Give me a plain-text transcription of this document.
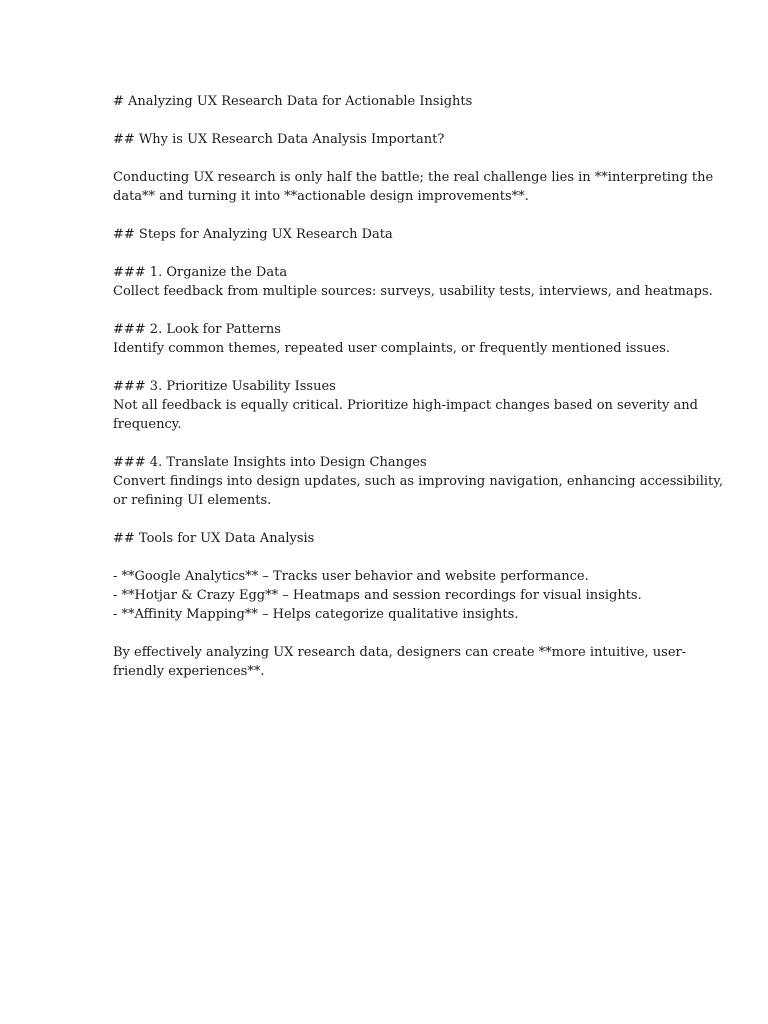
# Analyzing UX Research Data for Actionable Insights
## Why is UX Research Data Analysis Important?
Conducting UX research is only half the battle; the real challenge lies in **interpreting the
data** and turning it into **actionable design improvements**.
## Steps for Analyzing UX Research Data
### 1. Organize the Data
Collect feedback from multiple sources: surveys, usability tests, interviews, and heatmaps.
### 2. Look for Patterns
Identify common themes, repeated user complaints, or frequently mentioned issues.
### 3. Prioritize Usability Issues
Not all feedback is equally critical. Prioritize high-impact changes based on severity and
frequency.
### 4. Translate Insights into Design Changes
Convert findings into design updates, such as improving navigation, enhancing accessibility,
or refining UI elements.
## Tools for UX Data Analysis
- **Google Analytics** – Tracks user behavior and website performance.
- **Hotjar & Crazy Egg** – Heatmaps and session recordings for visual insights.
- **Affinity Mapping** – Helps categorize qualitative insights.
By effectively analyzing UX research data, designers can create **more intuitive, user-
friendly experiences**.
